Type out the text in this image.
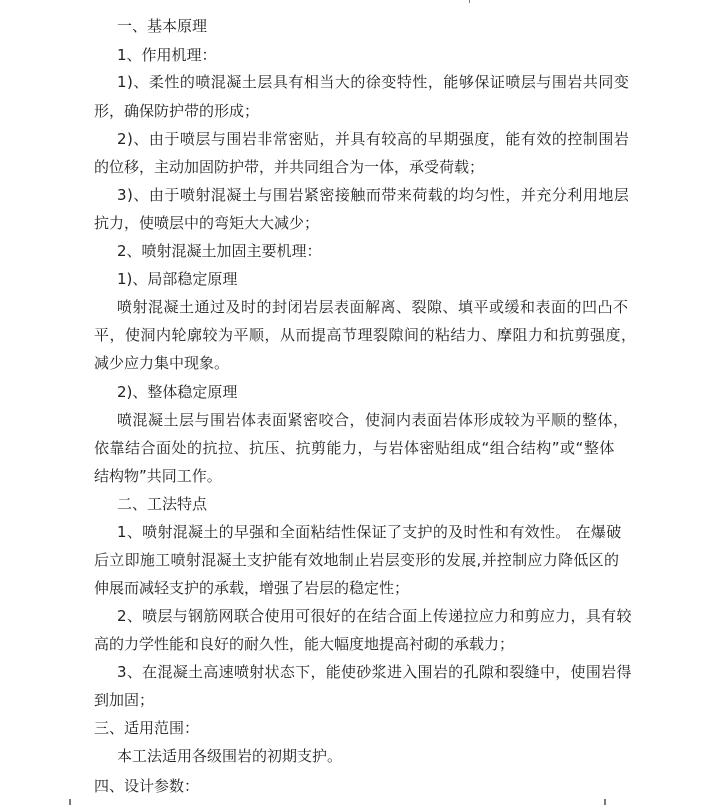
一、基本原理
1、作用机理：
1)、柔性的喷混凝土层具有相当大的徐变特性，能够保证喷层与围岩共同变
形，确保防护带的形成；
2)、由于喷层与围岩非常密贴，并具有较高的早期强度，能有效的控制围岩
的位移，主动加固防护带，并共同组合为一体，承受荷载；
3)、由于喷射混凝土与围岩紧密接触而带来荷载的均匀性，并充分利用地层
抗力，使喷层中的弯矩大大减少；
2、喷射混凝土加固主要机理：
1)、局部稳定原理
喷射混凝土通过及时的封闭岩层表面解离、裂隙、填平或缓和表面的凹凸不
平，使洞内轮廓较为平顺，从而提高节理裂隙间的粘结力、摩阻力和抗剪强度，
减少应力集中现象。
2)、整体稳定原理
喷混凝土层与围岩体表面紧密咬合，使洞内表面岩体形成较为平顺的整体，
依靠结合面处的抗拉、抗压、抗剪能力，与岩体密贴组成“组合结构”或“整体
结构物”共同工作。
二、工法特点
1、喷射混凝土的早强和全面粘结性保证了支护的及时性和有效性。 在爆破
后立即施工喷射混凝土支护能有效地制止岩层变形的发展,并控制应力降低区的
伸展而减轻支护的承载，增强了岩层的稳定性；
2、喷层与钢筋网联合使用可很好的在结合面上传递拉应力和剪应力，具有较
高的力学性能和良好的耐久性，能大幅度地提高衬砌的承载力；
3、在混凝土高速喷射状态下，能使砂浆进入围岩的孔隙和裂缝中，使围岩得
到加固；
三、适用范围：
本工法适用各级围岩的初期支护。
四、设计参数：
